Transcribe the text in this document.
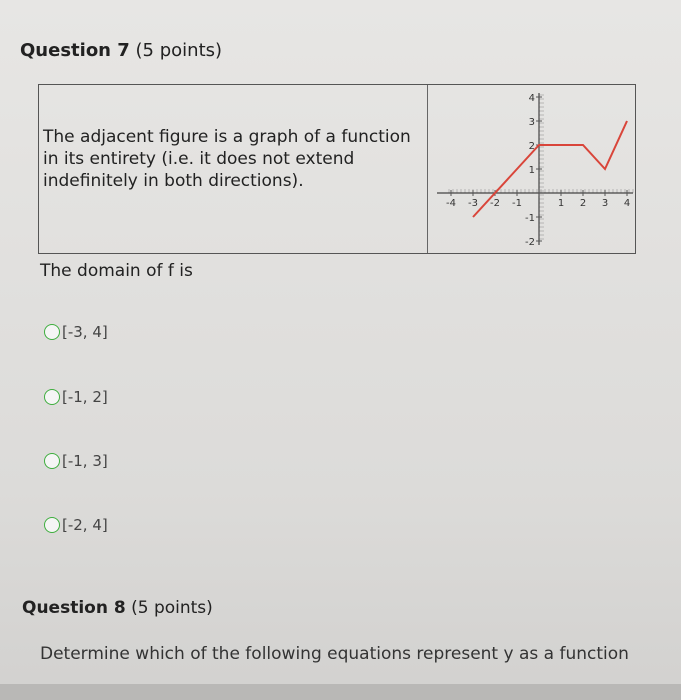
Question 7 (5 points)
The adjacent figure is a graph of a function in its entirety (i.e. it does not extend indefinitely in both directions).
-4 -3 -2 -1	1 2 3 4
4
3
2
1
-1
-2
The domain of f is
[-3, 4]
[-1, 2]
[-1, 3]
[-2, 4]
Question 8 (5 points)
Determine which of the following equations represent y as a function
